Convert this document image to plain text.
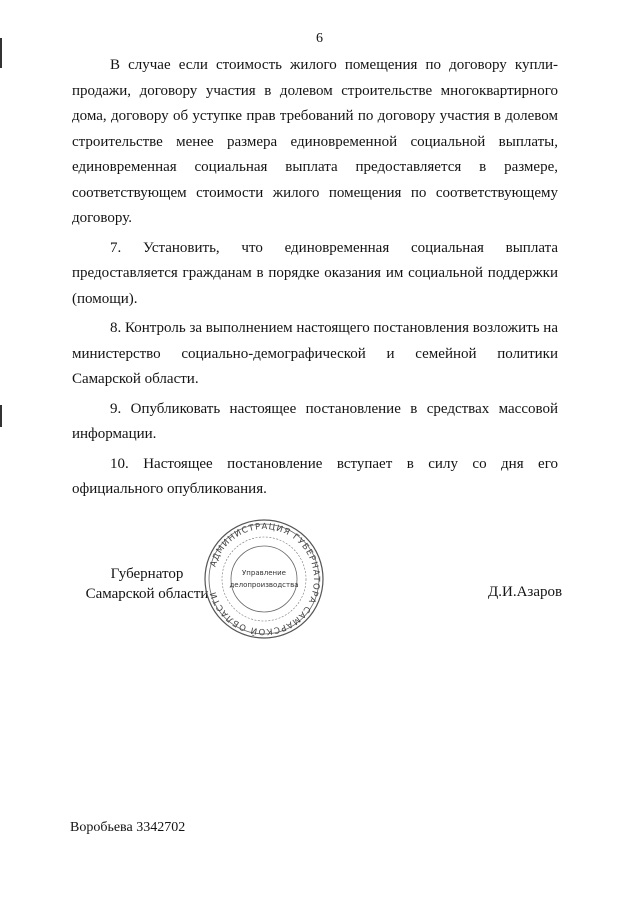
6

В случае если стоимость жилого помещения по договору купли-продажи, договору участия в долевом строительстве многоквартирного дома, договору об уступке прав требований по договору участия в долевом строительстве менее размера единовременной социальной выплаты, единовременная социальная выплата предоставляется в размере, соответствующем стоимости жилого помещения по соответствующему договору.

7. Установить, что единовременная социальная выплата предоставляется гражданам в порядке оказания им социальной поддержки (помощи).

8. Контроль за выполнением настоящего постановления возложить на министерство социально-демографической и семейной политики Самарской области.

9. Опубликовать настоящее постановление в средствах массовой информации.

10. Настоящее постановление вступает в силу со дня его официального опубликования.

Губернатор
Самарской области
АДМИНИСТРАЦИЯ ГУБЕРНАТОРА САМАРСКОЙ ОБЛАСТИ
Управление
делопроизводства	Д.И.Азаров
Воробьева 3342702
